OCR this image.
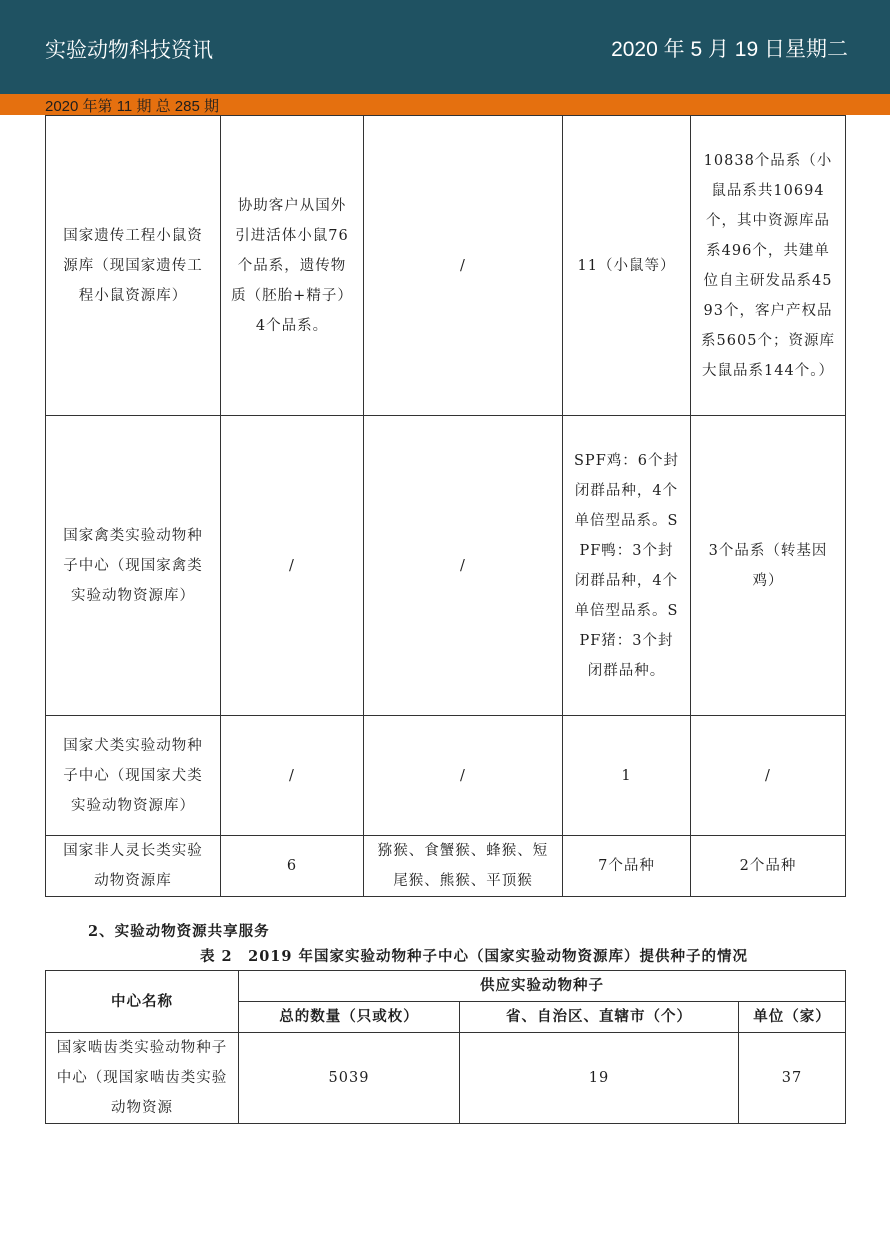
实验动物科技资讯	2020 年 5 月 19 日星期二
2020 年第 11 期 总 285 期
国家遗传工程小鼠资源库（现国家遗传工程小鼠资源库）	协助客户从国外引进活体小鼠76个品系，遗传物质（胚胎+精子）4个品系。	/	11（小鼠等）	10838个品系（小鼠品系共10694个，其中资源库品系496个，共建单位自主研发品系4593个，客户产权品系5605个；资源库大鼠品系144个。）
国家禽类实验动物种子中心（现国家禽类实验动物资源库）	/	/	SPF鸡：6个封闭群品种，4个单倍型品系。SPF鸭：3个封闭群品种，4个单倍型品系。SPF猪：3个封闭群品种。	3个品系（转基因鸡）
国家犬类实验动物种子中心（现国家犬类实验动物资源库）	/	/	1	/
国家非人灵长类实验动物资源库	6	猕猴、食蟹猴、蜂猴、短尾猴、熊猴、平顶猴	7个品种	2个品种
2、实验动物资源共享服务
表 2　2019 年国家实验动物种子中心（国家实验动物资源库）提供种子的情况
中心名称	供应实验动物种子		
	总的数量（只或枚）	省、自治区、直辖市（个）	单位（家）
国家啮齿类实验动物种子中心（现国家啮齿类实验动物资源	5039	19	37
